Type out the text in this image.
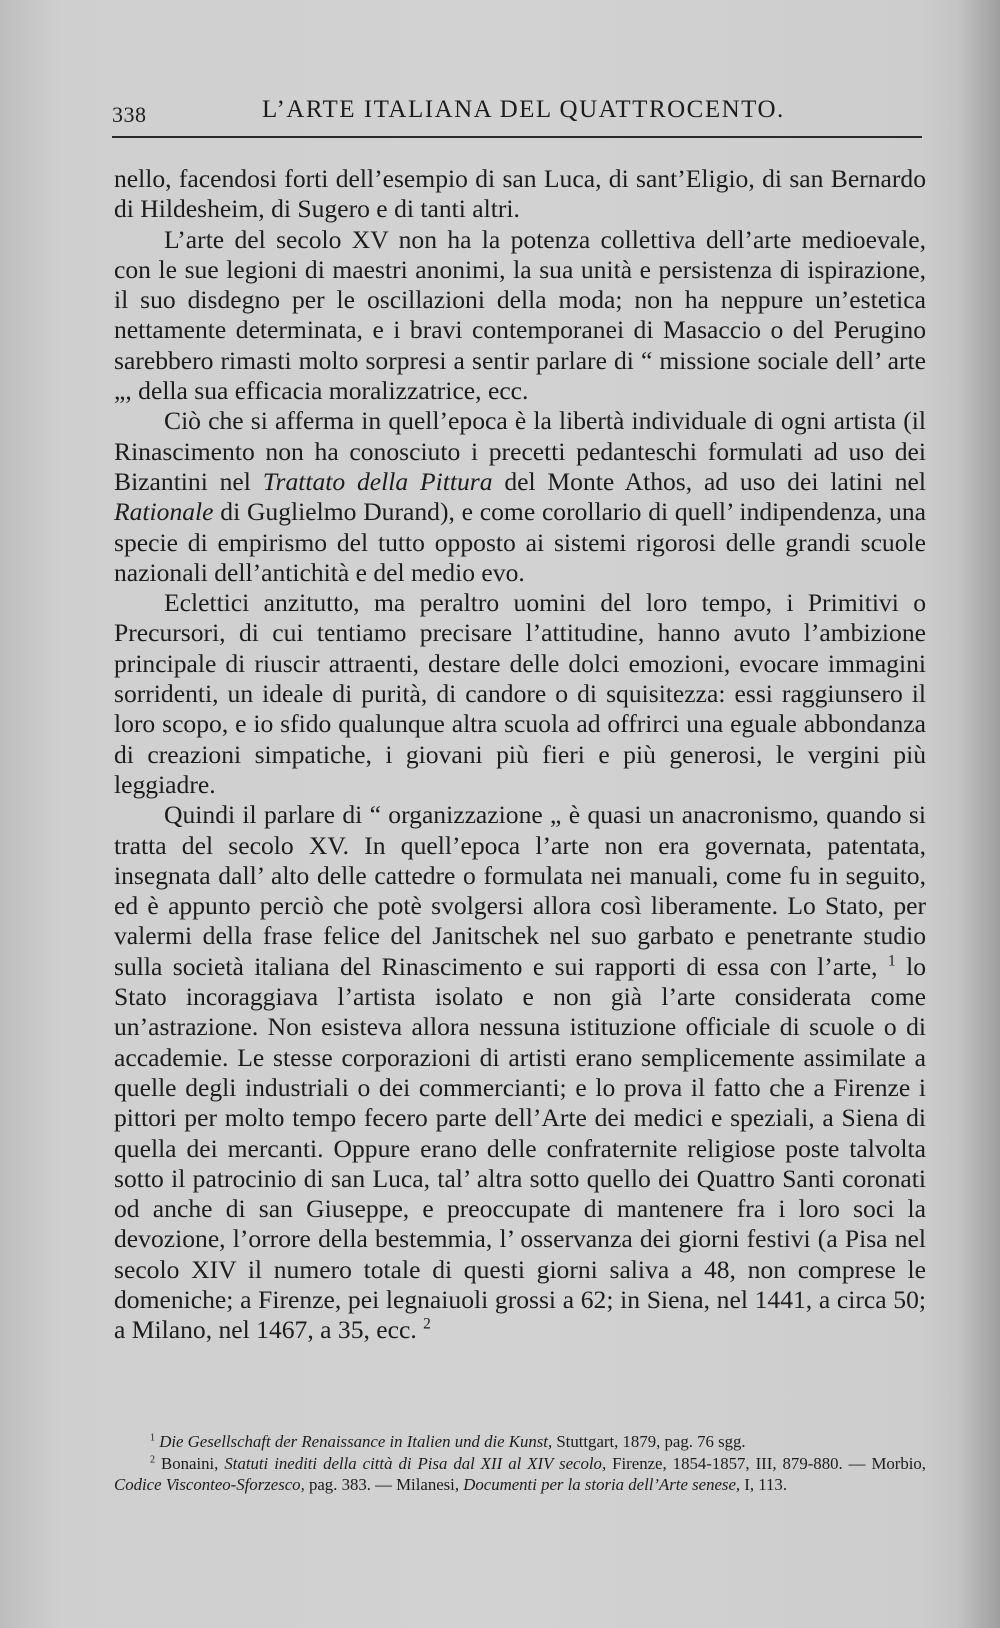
338	L’ARTE ITALIANA DEL QUATTROCENTO.

nello, facendosi forti dell’esempio di san Luca, di sant’Eligio, di san Bernardo di Hildesheim, di Sugero e di tanti altri.

L’arte del secolo XV non ha la potenza collettiva dell’arte medioevale, con le sue legioni di maestri anonimi, la sua unità e persistenza di ispirazione, il suo disdegno per le oscillazioni della moda; non ha neppure un’estetica nettamente determinata, e i bravi contemporanei di Masaccio o del Perugino sarebbero rimasti molto sorpresi a sentir parlare di “ missione sociale dell’ arte „, della sua efficacia moralizzatrice, ecc.

Ciò che si afferma in quell’epoca è la libertà individuale di ogni artista (il Rinascimento non ha conosciuto i precetti pedanteschi formulati ad uso dei Bizantini nel Trattato della Pittura del Monte Athos, ad uso dei latini nel Rationale di Guglielmo Durand), e come corollario di quell’ indipendenza, una specie di empirismo del tutto opposto ai sistemi rigorosi delle grandi scuole nazionali dell’antichità e del medio evo.

Eclettici anzitutto, ma peraltro uomini del loro tempo, i Primitivi o Precursori, di cui tentiamo precisare l’attitudine, hanno avuto l’ambizione principale di riuscir attraenti, destare delle dolci emozioni, evocare immagini sorridenti, un ideale di purità, di candore o di squisitezza: essi raggiunsero il loro scopo, e io sfido qualunque altra scuola ad offrirci una eguale abbondanza di creazioni simpatiche, i giovani più fieri e più generosi, le vergini più leggiadre.

Quindi il parlare di “ organizzazione „ è quasi un anacronismo, quando si tratta del secolo XV. In quell’epoca l’arte non era governata, patentata, insegnata dall’ alto delle cattedre o formulata nei manuali, come fu in seguito, ed è appunto perciò che potè svolgersi allora così liberamente. Lo Stato, per valermi della frase felice del Janitschek nel suo garbato e penetrante studio sulla società italiana del Rinascimento e sui rapporti di essa con l’arte, $^1$ lo Stato incoraggiava l’artista isolato e non già l’arte considerata come un’astrazione. Non esisteva allora nessuna istituzione officiale di scuole o di accademie. Le stesse corporazioni di artisti erano semplicemente assimilate a quelle degli industriali o dei commercianti; e lo prova il fatto che a Firenze i pittori per molto tempo fecero parte dell’Arte dei medici e speziali, a Siena di quella dei mercanti. Oppure erano delle confraternite religiose poste talvolta sotto il patrocinio di san Luca, tal’ altra sotto quello dei Quattro Santi coronati od anche di san Giuseppe, e preoccupate di mantenere fra i loro soci la devozione, l’orrore della bestemmia, l’ osservanza dei giorni festivi (a Pisa nel secolo XIV il numero totale di questi giorni saliva a 48, non comprese le domeniche; a Firenze, pei legnaiuoli grossi a 62; in Siena, nel 1441, a circa 50; a Milano, nel 1467, a 35, ecc. $^2$

$^1$ Die Gesellschaft der Renaissance in Italien und die Kunst, Stuttgart, 1879, pag. 76 sgg.

$^2$ Bonaini, Statuti inediti della città di Pisa dal XII al XIV secolo, Firenze, 1854-1857, III, 879-880. — Morbio, Codice Visconteo-Sforzesco, pag. 383. — Milanesi, Documenti per la storia dell’Arte senese, I, 113.
